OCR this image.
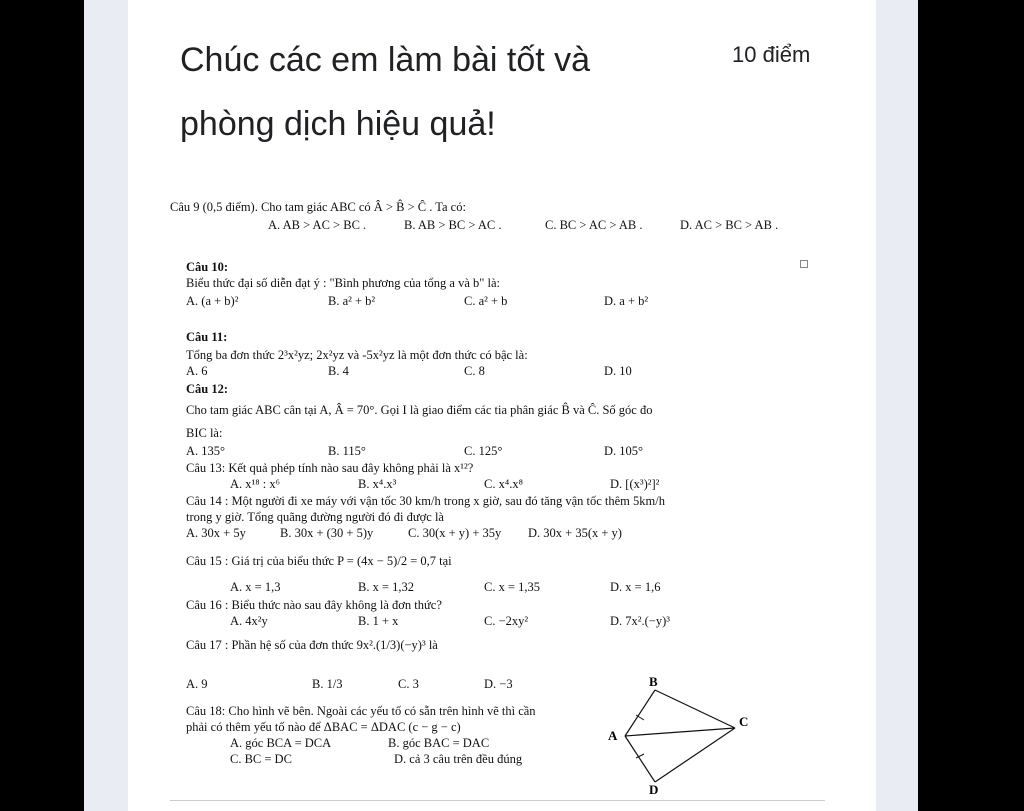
Chúc các em làm bài tốt và
phòng dịch hiệu quả!
10 điểm
Câu 9 (0,5 điểm). Cho tam giác ABC có Â > B̂ > Ĉ . Ta có:
A. AB > AC > BC .	B. AB > BC > AC .	C. BC > AC > AB .	D. AC > BC > AB .
Câu 10:
Biểu thức đại số diễn đạt ý : "Bình phương của tổng a và b" là:
A. (a + b)²	B. a² + b²	C. a² + b	D. a + b²
Câu 11:
Tổng ba đơn thức 2³x²yz; 2x²yz và -5x²yz là một đơn thức có bậc là:
A. 6	B. 4	C. 8	D. 10
Câu 12:
Cho tam giác ABC cân tại A, Â = 70°. Gọi I là giao điểm các tia phân giác B̂ và Ĉ. Số góc đo
BIC là:
A. 135°	B. 115°	C. 125°	D. 105°
Câu 13: Kết quả phép tính nào sau đây không phải là x¹²?
A. x¹⁸ : x⁶	B. x⁴.x³	C. x⁴.x⁸	D. [(x³)²]²
Câu 14 : Một người đi xe máy với vận tốc 30 km/h trong x giờ, sau đó tăng vận tốc thêm 5km/h
trong y giờ. Tổng quãng đường người đó đi được là
A. 30x + 5y	B. 30x + (30 + 5)y	C. 30(x + y) + 35y D. 30x + 35(x + y)
Câu 15 : Giá trị của biểu thức P = (4x − 5)/2 = 0,7 tại
A. x = 1,3	B. x = 1,32	C. x = 1,35	D. x = 1,6
Câu 16 : Biểu thức nào sau đây không là đơn thức?
A. 4x²y	B. 1 + x	C. −2xy²	D. 7x².(−y)³
Câu 17 : Phần hệ số của đơn thức 9x².(1/3)(−y)³ là
A. 9	B. 1/3	C. 3	D. −3
Câu 18: Cho hình vẽ bên. Ngoài các yếu tố có sẵn trên hình vẽ thì cần
phải có thêm yếu tố nào để ΔBAC = ΔDAC (c − g − c)
A. góc BCA = DCA	B. góc BAC = DAC
C. BC = DC	D. cả 3 câu trên đều đúng
B
A
C
D
